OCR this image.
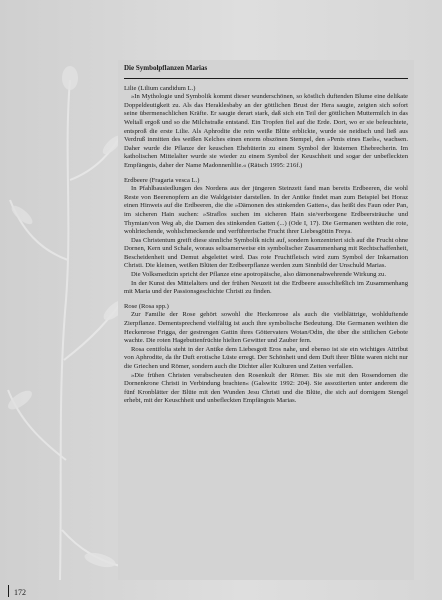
Die Symbolpflanzen Marias
Lilie (Lilium candidum L.)

»In Mythologie und Symbolik kommt dieser wunderschönen, so köstlich duftenden Blume eine delikate Doppeldeutigkeit zu. Als das Heraklesbaby an der göttlichen Brust der Hera saugte, zeigten sich sofort seine übermenschlichen Kräfte. Er saugte derart stark, daß sich ein Teil der göttlichen Muttermilch in das Weltall ergoß und so die Milchstraße entstand. Ein Tropfen fiel auf die Erde. Dort, wo er sie befeuchtete, entsproß die erste Lilie. Als Aphrodite die rein weiße Blüte erblickte, wurde sie neidisch und ließ aus Verdruß inmitten des weißen Kelches einen enorm obszönen Stempel, den »Penis eines Esels«, wachsen. Daher wurde die Pflanze der keuschen Ehehüterin zu einem Symbol der lüsternen Ehebrecherin. Im katholischen Mittelalter wurde sie wieder zu einem Symbol der Keuschheit und sogar der unbefleckten Empfängnis, daher der Name Madonnenlilie.« (Rätsch 1995: 216f.)

Erdbeere (Fragaria vesca L.)

In Pfahlbausiedlungen des Nordens aus der jüngeren Steinzeit fand man bereits Erdbeeren, die wohl Reste von Beerenopfern an die Waldgeister darstellen. In der Antike findet man zum Beispiel bei Horaz einen Hinweis auf die Erdbeeren, die die »Dämonen des stinkenden Gatten«, das heißt des Faun oder Pan, im sicheren Hain suchen: »Straflos suchen im sicheren Hain sie/verborgene Erdbeersträuche und Thymian/von Weg ab, die Damen des stinkenden Gatten (...) (Ode I, 17). Die Germanen weihten die rote, wohlriechende, wohlschmeckende und verführerische Frucht ihrer Liebesgöttin Freya.

Das Christentum greift diese sinnliche Symbolik nicht auf, sondern konzentriert sich auf die Frucht ohne Dornen, Kern und Schale, woraus seltsamerweise ein symbolischer Zusammenhang mit Rechtschaffenheit, Bescheidenheit und Demut abgeleitet wird. Das rote Fruchtfleisch wird zum Symbol der Inkarnation Christi. Die kleinen, weißen Blüten der Erdbeerpflanze werden zum Sinnbild der Unschuld Marias.

Die Volksmedizin spricht der Pflanze eine apotropäische, also dämonenabwehrende Wirkung zu.

In der Kunst des Mittelalters und der frühen Neuzeit ist die Erdbeere ausschließlich im Zusammenhang mit Maria und der Passionsgeschichte Christi zu finden.

Rose (Rosa spp.)

Zur Familie der Rose gehört sowohl die Heckenrose als auch die vielblättrige, wohlduftende Zierpflanze. Dementsprechend vielfältig ist auch ihre symbolische Bedeutung. Die Germanen weihten die Heckenrose Frigga, der gestrengen Gattin ihres Göttervaters Wotan/Odin, die über die sittlichen Gebote wachte. Die roten Hagebuttenfrüchte hielten Gewitter und Zauber fern.

Rosa centifolia steht in der Antike dem Liebesgott Eros nahe, und ebenso ist sie ein wichtiges Attribut von Aphrodite, da ihr Duft erotische Lüste erregt. Der Schönheit und dem Duft ihrer Blüte waren nicht nur die Griechen und Römer, sondern auch die Dichter aller Kulturen und Zeiten verfallen.

»Die frühen Christen verabscheuten den Rosenkult der Römer. Bis sie mit den Rosendornen die Dornenkrone Christi in Verbindung brachten« (Galswitz 1992: 204). Sie assoziierten unter anderem die fünf Kronblätter der Blüte mit den Wunden Jesu Christi und die Blüte, die sich auf dornigem Stengel erhebt, mit der Keuschheit und unbefleckten Empfängnis Marias.

172
